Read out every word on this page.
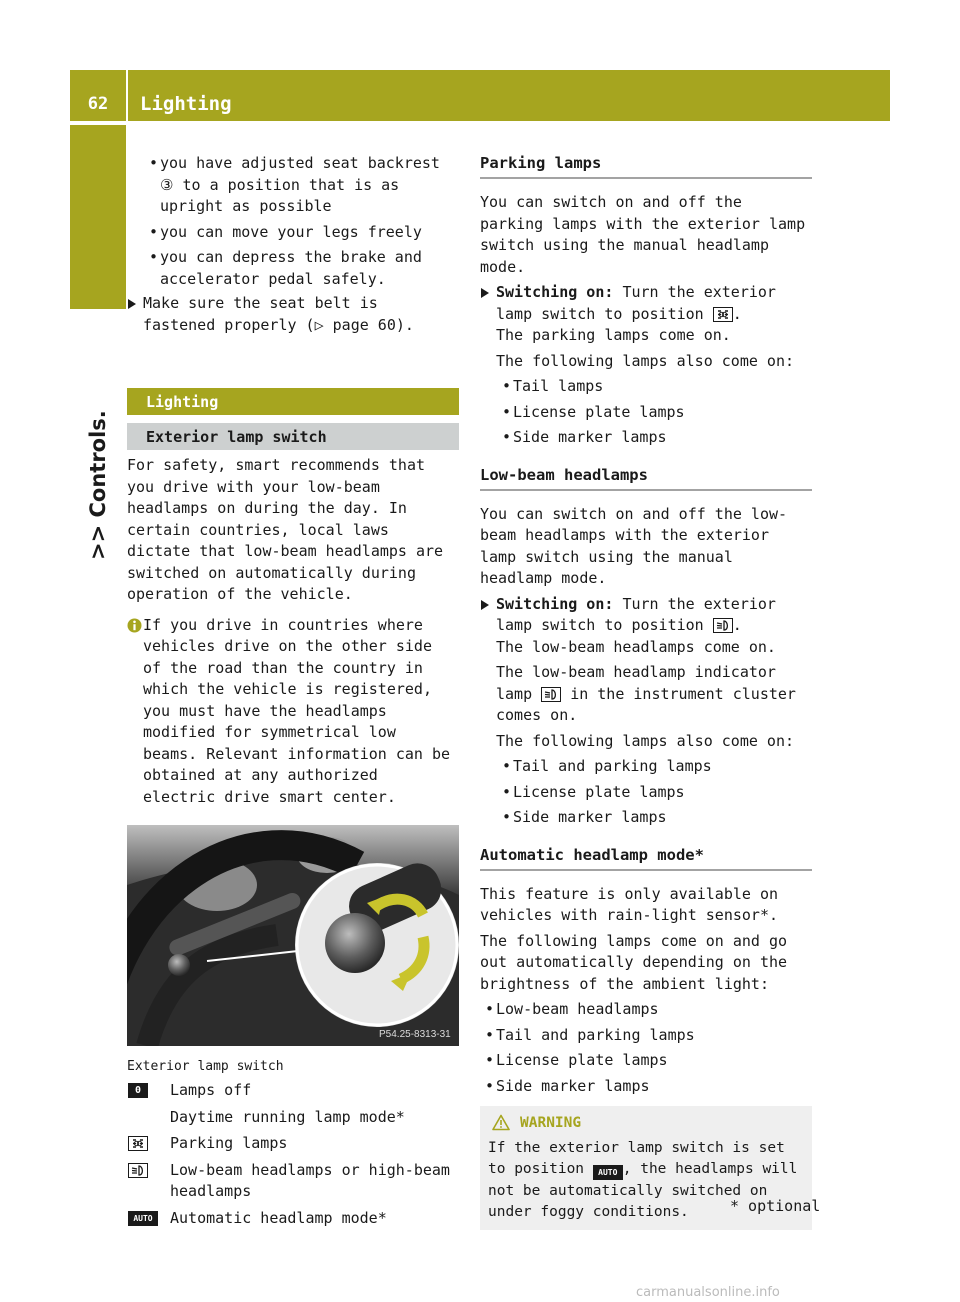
62	Lighting
>> Controls.

• you have adjusted seat backrest ③ to a position that is as upright as possible

• you can move your legs freely

• you can depress the brake and accelerator pedal safely.

Make sure the seat belt is fastened properly (▷ page 60).

Lighting
Exterior lamp switch

For safety, smart recommends that you drive with your low-beam headlamps on during the day. In certain countries, local laws dictate that low-beam headlamps are switched on automatically during operation of the vehicle.

If you drive in countries where vehicles drive on the other side of the road than the country in which the vehicle is registered, you must have the headlamps modified for symmetrical low beams. Relevant information can be obtained at any authorized electric drive smart center.

P54.25-8313-31

Exterior lamp switch

0	Lamps off
Daytime running lamp mode*
Parking lamps
Low-beam headlamps or high-beam headlamps
AUTO	Automatic headlamp mode*
Parking lamps

You can switch on and off the parking lamps with the exterior lamp switch using the manual headlamp mode.

Switching on: Turn the exterior lamp switch to position .

The parking lamps come on.

The following lamps also come on:

• Tail lamps

• License plate lamps

• Side marker lamps

Low-beam headlamps

You can switch on and off the low-beam headlamps with the exterior lamp switch using the manual headlamp mode.

Switching on: Turn the exterior lamp switch to position .

The low-beam headlamps come on.

The low-beam headlamp indicator lamp	in the instrument cluster comes on.

The following lamps also come on:

• Tail and parking lamps

• License plate lamps

• Side marker lamps

Automatic headlamp mode*

This feature is only available on vehicles with rain-light sensor*.

The following lamps come on and go out automatically depending on the brightness of the ambient light:

• Low-beam headlamps

• Tail and parking lamps

• License plate lamps

• Side marker lamps

WARNING

If the exterior lamp switch is set to position AUTO , the headlamps will not be automatically switched on under foggy conditions.	* optional
carmanualsonline.info
